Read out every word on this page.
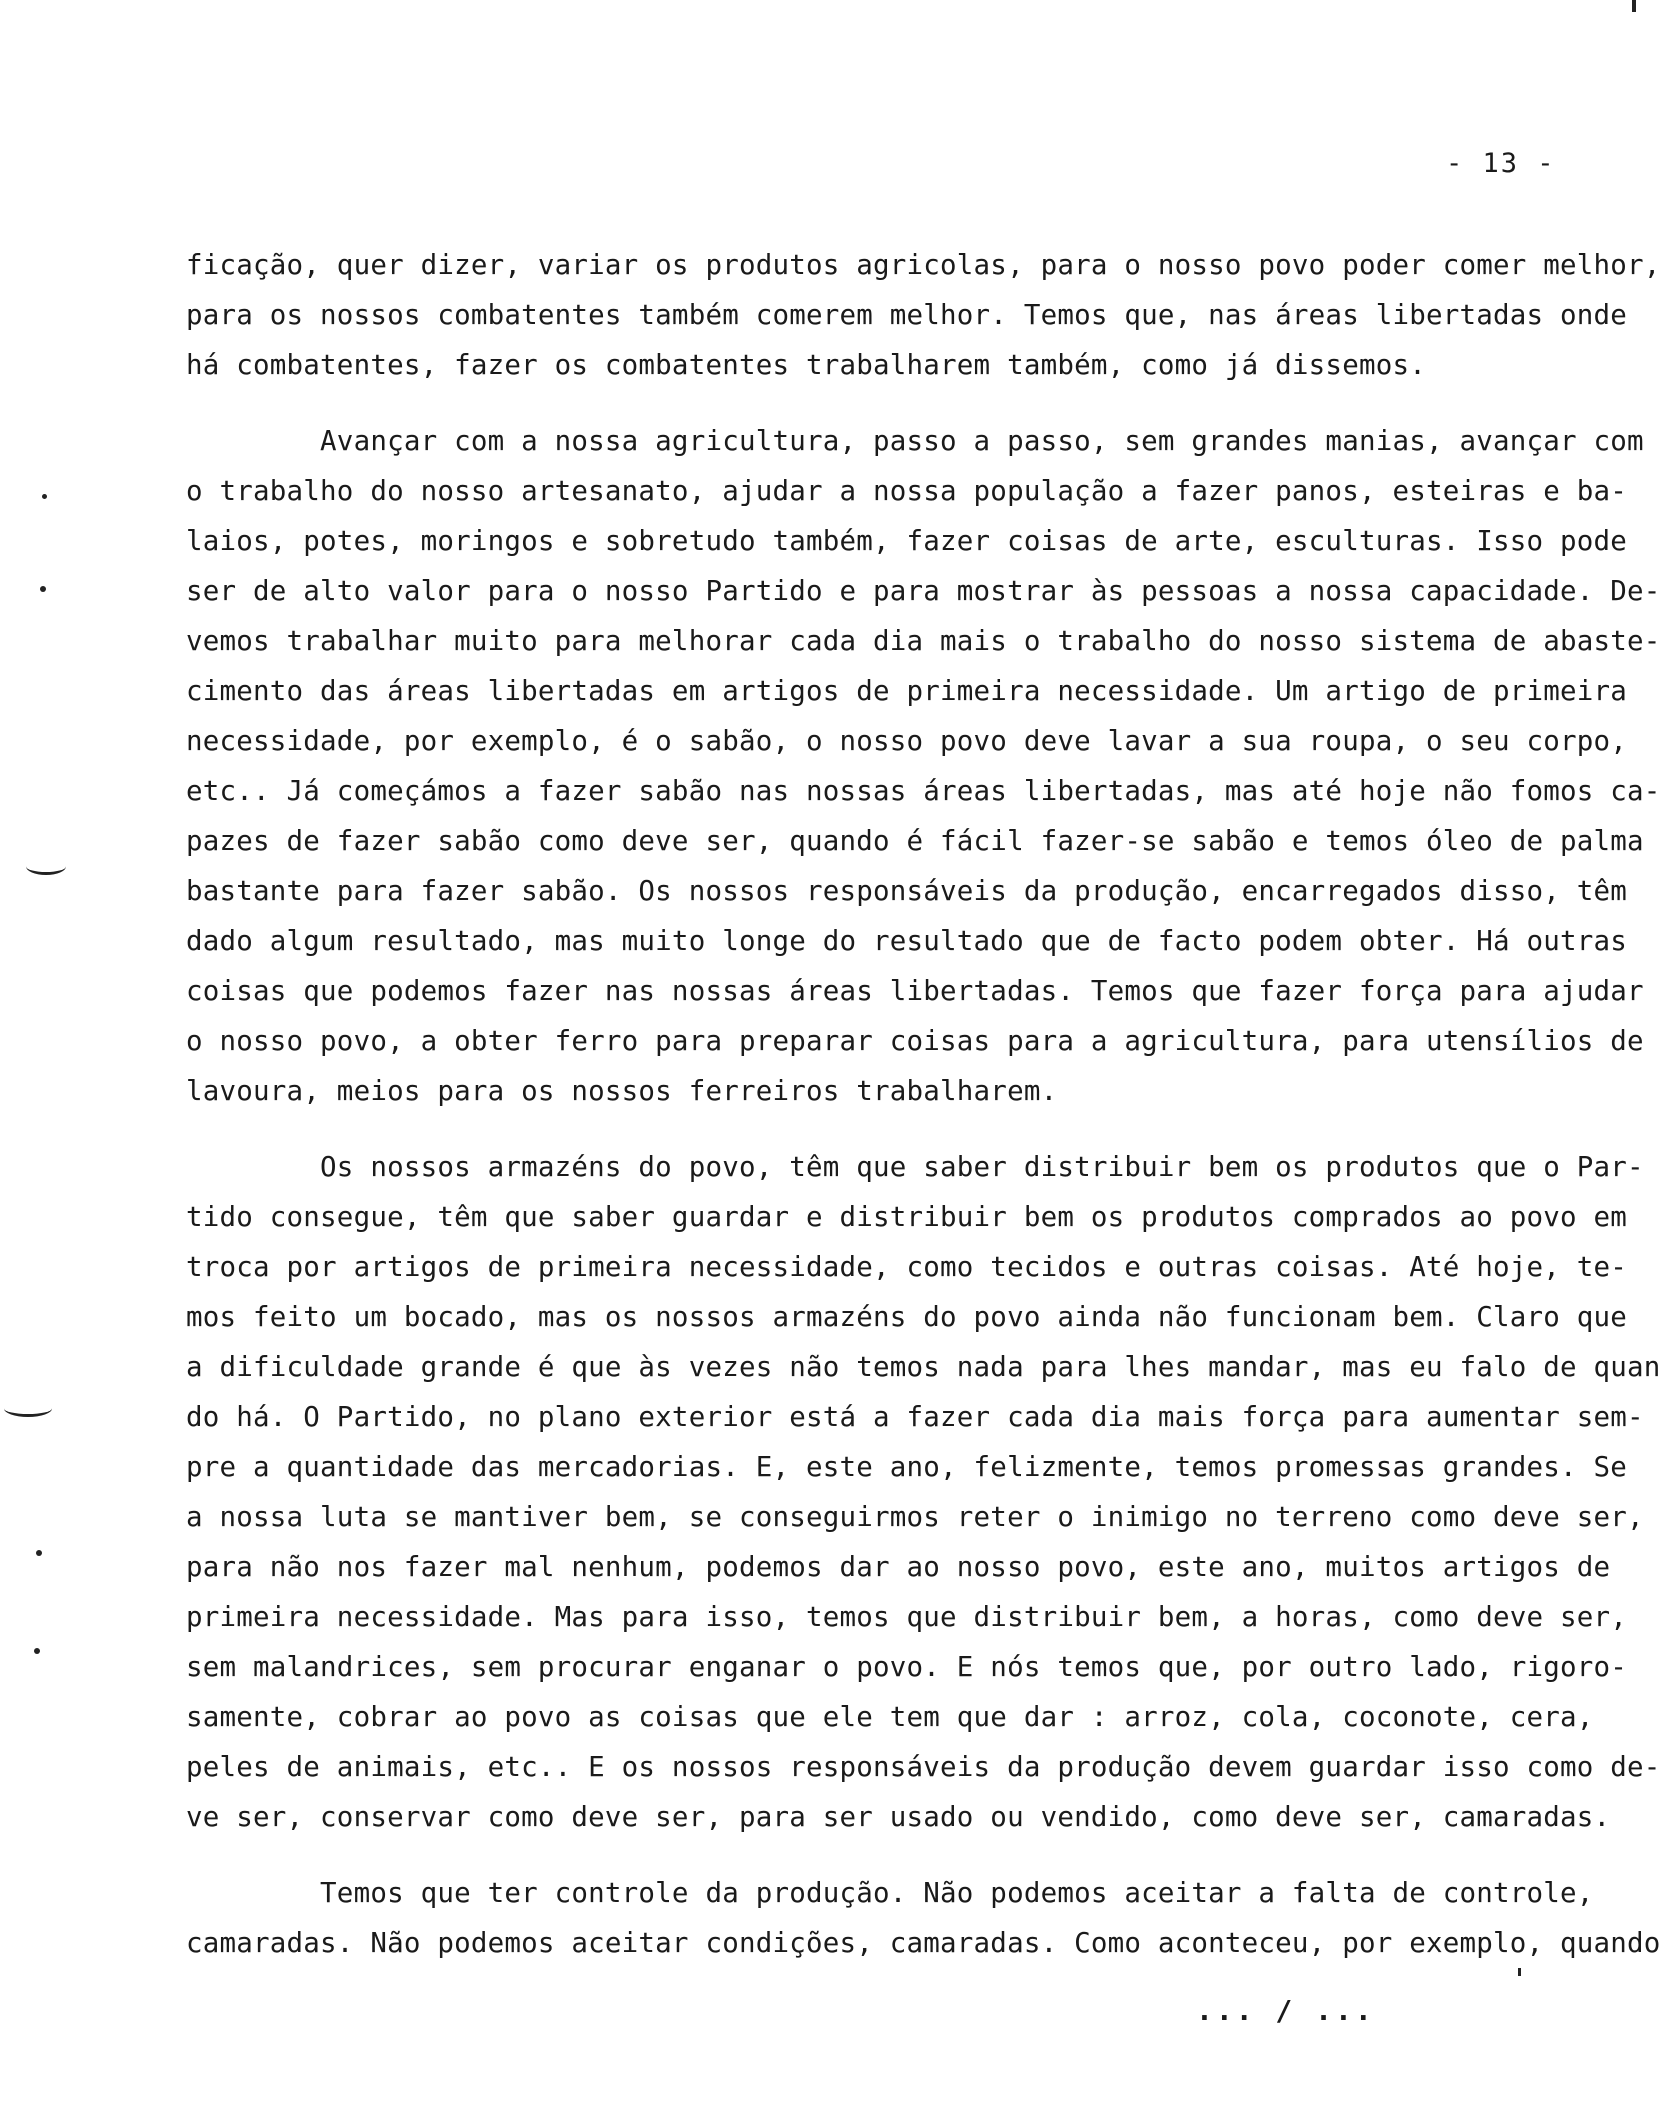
- 13 -
ficação, quer dizer, variar os produtos agricolas, para o nosso povo poder comer melhor,
para os nossos combatentes também comerem melhor. Temos que, nas áreas libertadas onde
há combatentes, fazer os combatentes trabalharem também, como já dissemos.
Avançar com a nossa agricultura, passo a passo, sem grandes manias, avançar com
o trabalho do nosso artesanato, ajudar a nossa população a fazer panos, esteiras e ba-
laios, potes, moringos e sobretudo também, fazer coisas de arte, esculturas. Isso pode
ser de alto valor para o nosso Partido e para mostrar às pessoas a nossa capacidade. De-
vemos trabalhar muito para melhorar cada dia mais o trabalho do nosso sistema de abaste-
cimento das áreas libertadas em artigos de primeira necessidade. Um artigo de primeira
necessidade, por exemplo, é o sabão, o nosso povo deve lavar a sua roupa, o seu corpo,
etc.. Já começámos a fazer sabão nas nossas áreas libertadas, mas até hoje não fomos ca-
pazes de fazer sabão como deve ser, quando é fácil fazer-se sabão e temos óleo de palma
bastante para fazer sabão. Os nossos responsáveis da produção, encarregados disso, têm
dado algum resultado, mas muito longe do resultado que de facto podem obter. Há outras
coisas que podemos fazer nas nossas áreas libertadas. Temos que fazer força para ajudar
o nosso povo, a obter ferro para preparar coisas para a agricultura, para utensílios de
lavoura, meios para os nossos ferreiros trabalharem.
Os nossos armazéns do povo, têm que saber distribuir bem os produtos que o Par-
tido consegue, têm que saber guardar e distribuir bem os produtos comprados ao povo em
troca por artigos de primeira necessidade, como tecidos e outras coisas. Até hoje, te-
mos feito um bocado, mas os nossos armazéns do povo ainda não funcionam bem. Claro que
a dificuldade grande é que às vezes não temos nada para lhes mandar, mas eu falo de quan
do há. O Partido, no plano exterior está a fazer cada dia mais força para aumentar sem-
pre a quantidade das mercadorias. E, este ano, felizmente, temos promessas grandes. Se
a nossa luta se mantiver bem, se conseguirmos reter o inimigo no terreno como deve ser,
para não nos fazer mal nenhum, podemos dar ao nosso povo, este ano, muitos artigos de
primeira necessidade. Mas para isso, temos que distribuir bem, a horas, como deve ser,
sem malandrices, sem procurar enganar o povo. E nós temos que, por outro lado, rigoro-
samente, cobrar ao povo as coisas que ele tem que dar : arroz, cola, coconote, cera,
peles de animais, etc.. E os nossos responsáveis da produção devem guardar isso como de-
ve ser, conservar como deve ser, para ser usado ou vendido, como deve ser, camaradas.
Temos que ter controle da produção. Não podemos aceitar a falta de controle,
camaradas. Não podemos aceitar condições, camaradas. Como aconteceu, por exemplo, quando
... / ...
